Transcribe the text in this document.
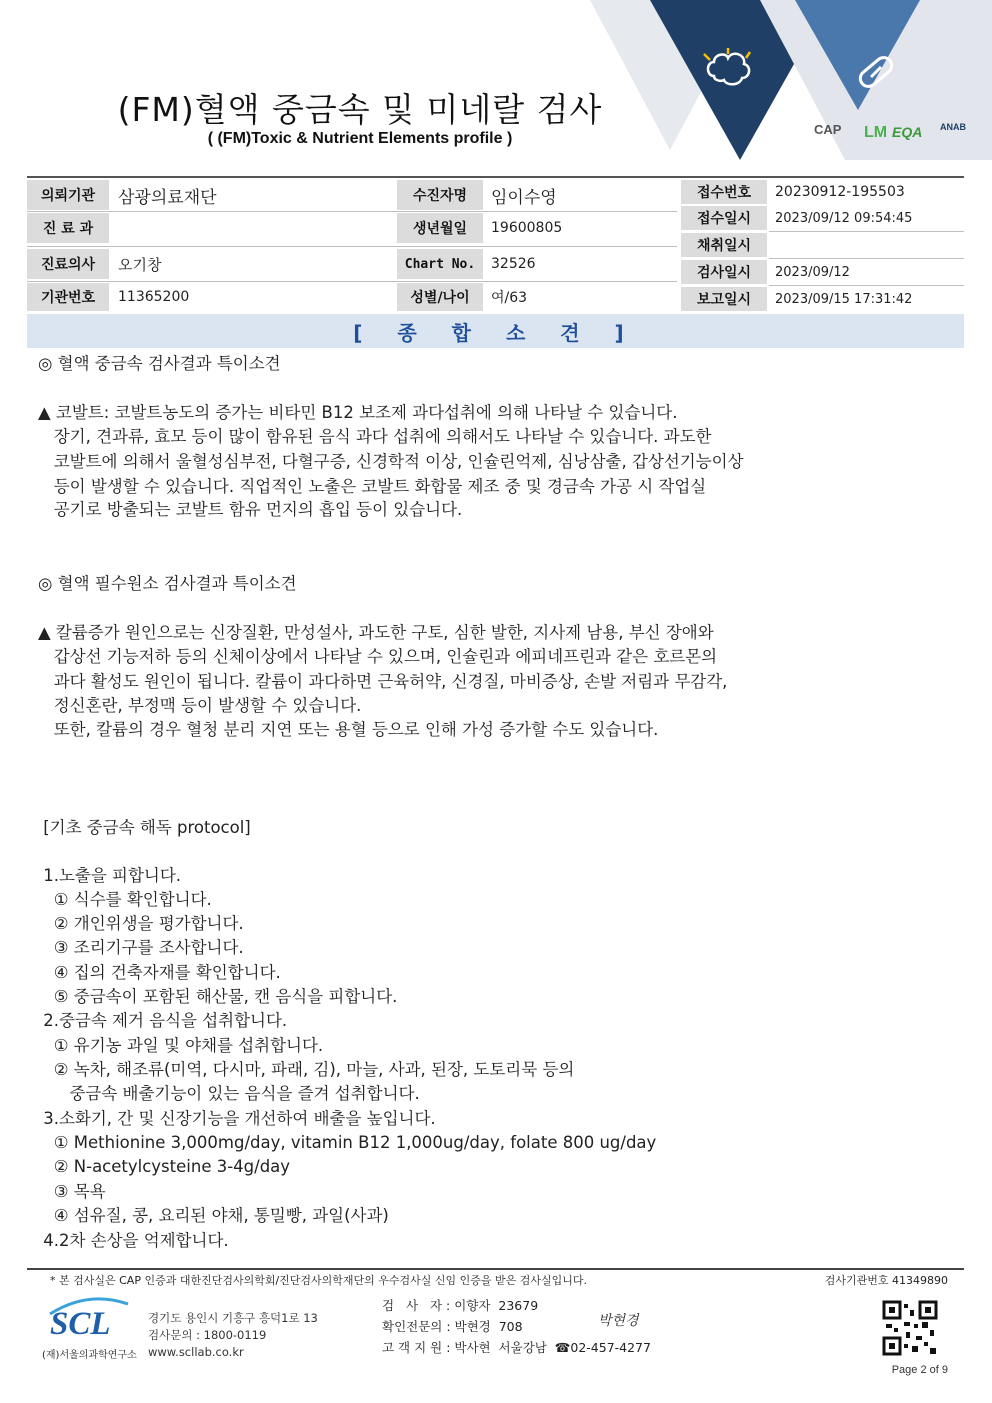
CAP LM EQA ANAB
(FM)혈액 중금속 및 미네랄 검사
( (FM)Toxic & Nutrient Elements profile )
의뢰기관	삼광의료재단
진 료 과
진료의사	오기창
기관번호	11365200
수진자명	임이수영
생년월일	19600805
Chart No.	32526
성별/나이	여/63
접수번호	20230912-195503
접수일시	2023/09/12 09:54:45
채취일시
검사일시	2023/09/12
보고일시	2023/09/15 17:31:42
[ 종 합 소 견 ]
◎ 혈액 중금속 검사결과 특이소견
▲ 코발트: 코발트농도의 증가는 비타민 B12 보조제 과다섭취에 의해 나타날 수 있습니다.
장기, 견과류, 효모 등이 많이 함유된 음식 과다 섭취에 의해서도 나타날 수 있습니다. 과도한
코발트에 의해서 울혈성심부전, 다혈구증, 신경학적 이상, 인슐린억제, 심낭삼출, 갑상선기능이상
등이 발생할 수 있습니다. 직업적인 노출은 코발트 화합물 제조 중 및 경금속 가공 시 작업실
공기로 방출되는 코발트 함유 먼지의 흡입 등이 있습니다.
◎ 혈액 필수원소 검사결과 특이소견
▲ 칼륨증가 원인으로는 신장질환, 만성설사, 과도한 구토, 심한 발한, 지사제 남용, 부신 장애와
갑상선 기능저하 등의 신체이상에서 나타날 수 있으며, 인슐린과 에피네프린과 같은 호르몬의
과다 활성도 원인이 됩니다. 칼륨이 과다하면 근육허약, 신경질, 마비증상, 손발 저림과 무감각,
정신혼란, 부정맥 등이 발생할 수 있습니다.
또한, 칼륨의 경우 혈청 분리 지연 또는 용혈 등으로 인해 가성 증가할 수도 있습니다.
[기초 중금속 해독 protocol]
1.노출을 피합니다.
① 식수를 확인합니다.
② 개인위생을 평가합니다.
③ 조리기구를 조사합니다.
④ 집의 건축자재를 확인합니다.
⑤ 중금속이 포함된 해산물, 캔 음식을 피합니다.
2.중금속 제거 음식을 섭취합니다.
① 유기농 과일 및 야채를 섭취합니다.
② 녹차, 해조류(미역, 다시마, 파래, 김), 마늘, 사과, 된장, 도토리묵 등의
중금속 배출기능이 있는 음식을 즐겨 섭취합니다.
3.소화기, 간 및 신장기능을 개선하여 배출을 높입니다.
① Methionine 3,000mg/day, vitamin B12 1,000ug/day, folate 800 ug/day
② N-acetylcysteine 3-4g/day
③ 목욕
④ 섬유질, 콩, 요리된 야채, 통밀빵, 과일(사과)
4.2차 손상을 억제합니다.
* 본 검사실은 CAP 인증과 대한진단검사의학회/진단검사의학재단의 우수검사실 신임 인증을 받은 검사실입니다.	검사기관번호 41349890
SCL
(재)서울의과학연구소
경기도 용인시 기흥구 흥덕1로 13
검사문의 : 1800-0119
www.scllab.co.kr
검   사   자 : 이향자  23679
확인전문의 : 박현경  708
고 객 지 원 : 박사현  서울강남  ☎02-457-4277
박현경
Page 2 of 9
